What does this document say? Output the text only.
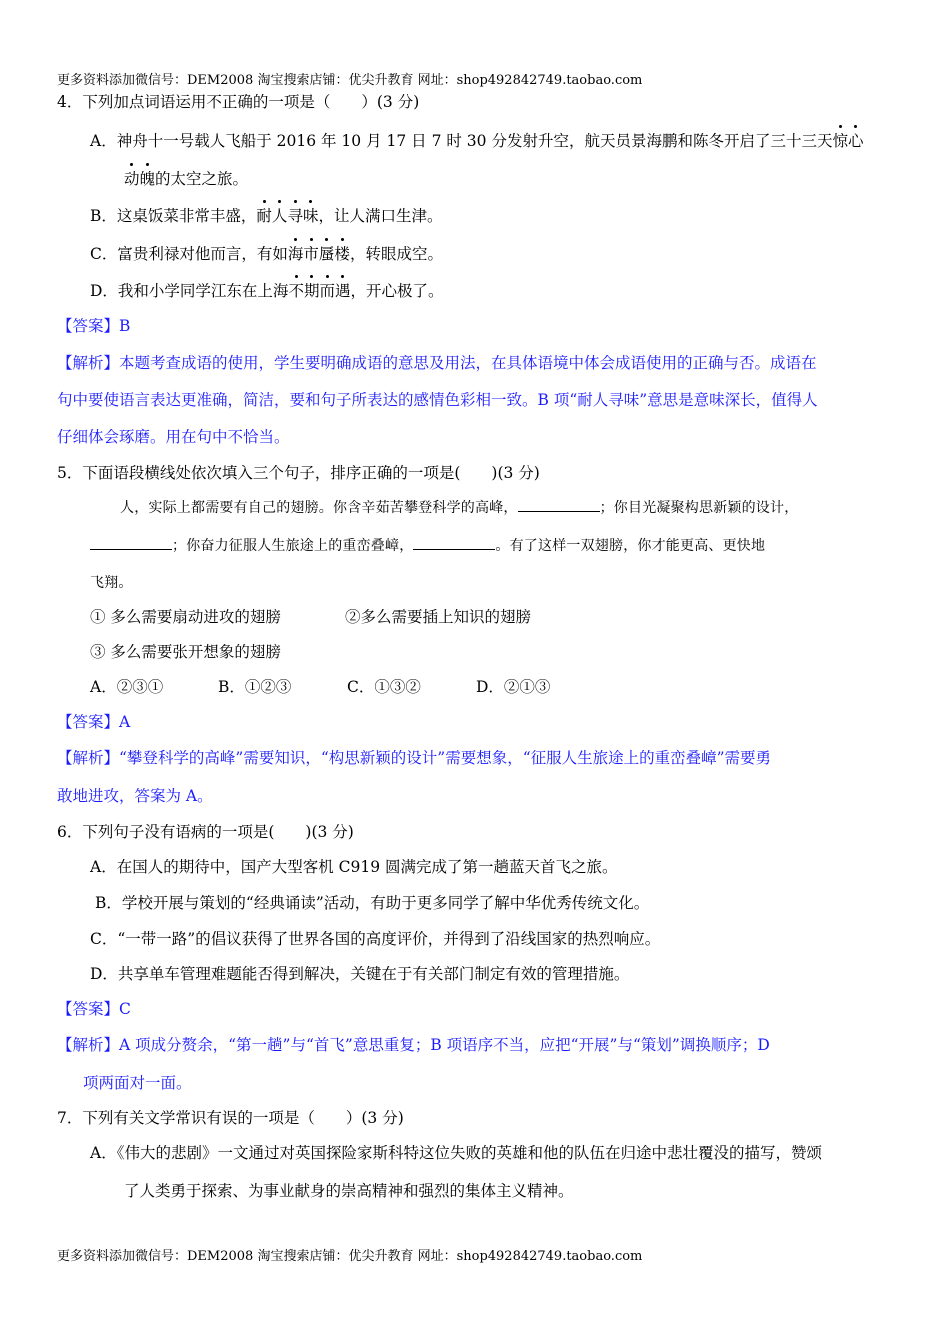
更多资料添加微信号：DEM2008 淘宝搜索店铺：优尖升教育 网址：shop492842749.taobao.com
4．下列加点词语运用不正确的一项是（　　）(3 分)
A．神舟十一号载人飞船于 2016 年 10 月 17 日 7 时 30 分发射升空，航天员景海鹏和陈冬开启了三十三天惊心
动魄的太空之旅。
B．这桌饭菜非常丰盛，耐人寻味，让人满口生津。
C．富贵利禄对他而言，有如海市蜃楼，转眼成空。
D．我和小学同学江东在上海不期而遇，开心极了。
【答案】B
【解析】本题考查成语的使用，学生要明确成语的意思及用法，在具体语境中体会成语使用的正确与否。成语在
句中要使语言表达更准确，简洁，要和句子所表达的感情色彩相一致。B 项“耐人寻味”意思是意味深长，值得人
仔细体会琢磨。用在句中不恰当。
5．下面语段横线处依次填入三个句子，排序正确的一项是(　　)(3 分)
人，实际上都需要有自己的翅膀。你含辛茹苦攀登科学的高峰，	；你目光凝聚构思新颖的设计，
；你奋力征服人生旅途上的重峦叠嶂，	。有了这样一双翅膀，你才能更高、更快地
飞翔。
① 多么需要扇动进攻的翅膀	②多么需要插上知识的翅膀
③ 多么需要张开想象的翅膀
A．②③①	B．①②③	C．①③②	D．②①③
【答案】A
【解析】“攀登科学的高峰”需要知识，“构思新颖的设计”需要想象，“征服人生旅途上的重峦叠嶂”需要勇
敢地进攻，答案为 A。
6．下列句子没有语病的一项是(　　)(3 分)
A．在国人的期待中，国产大型客机 C919 圆满完成了第一趟蓝天首飞之旅。
B．学校开展与策划的“经典诵读”活动，有助于更多同学了解中华优秀传统文化。
C．“一带一路”的倡议获得了世界各国的高度评价，并得到了沿线国家的热烈响应。
D．共享单车管理难题能否得到解决，关键在于有关部门制定有效的管理措施。
【答案】C
【解析】A 项成分赘余，“第一趟”与“首飞”意思重复；B 项语序不当，应把“开展”与“策划”调换顺序；D
项两面对一面。
7．下列有关文学常识有误的一项是（　　）(3 分)
A．《伟大的悲剧》一文通过对英国探险家斯科特这位失败的英雄和他的队伍在归途中悲壮覆没的描写，赞颂
了人类勇于探索、为事业献身的崇高精神和强烈的集体主义精神。
更多资料添加微信号：DEM2008 淘宝搜索店铺：优尖升教育 网址：shop492842749.taobao.com
